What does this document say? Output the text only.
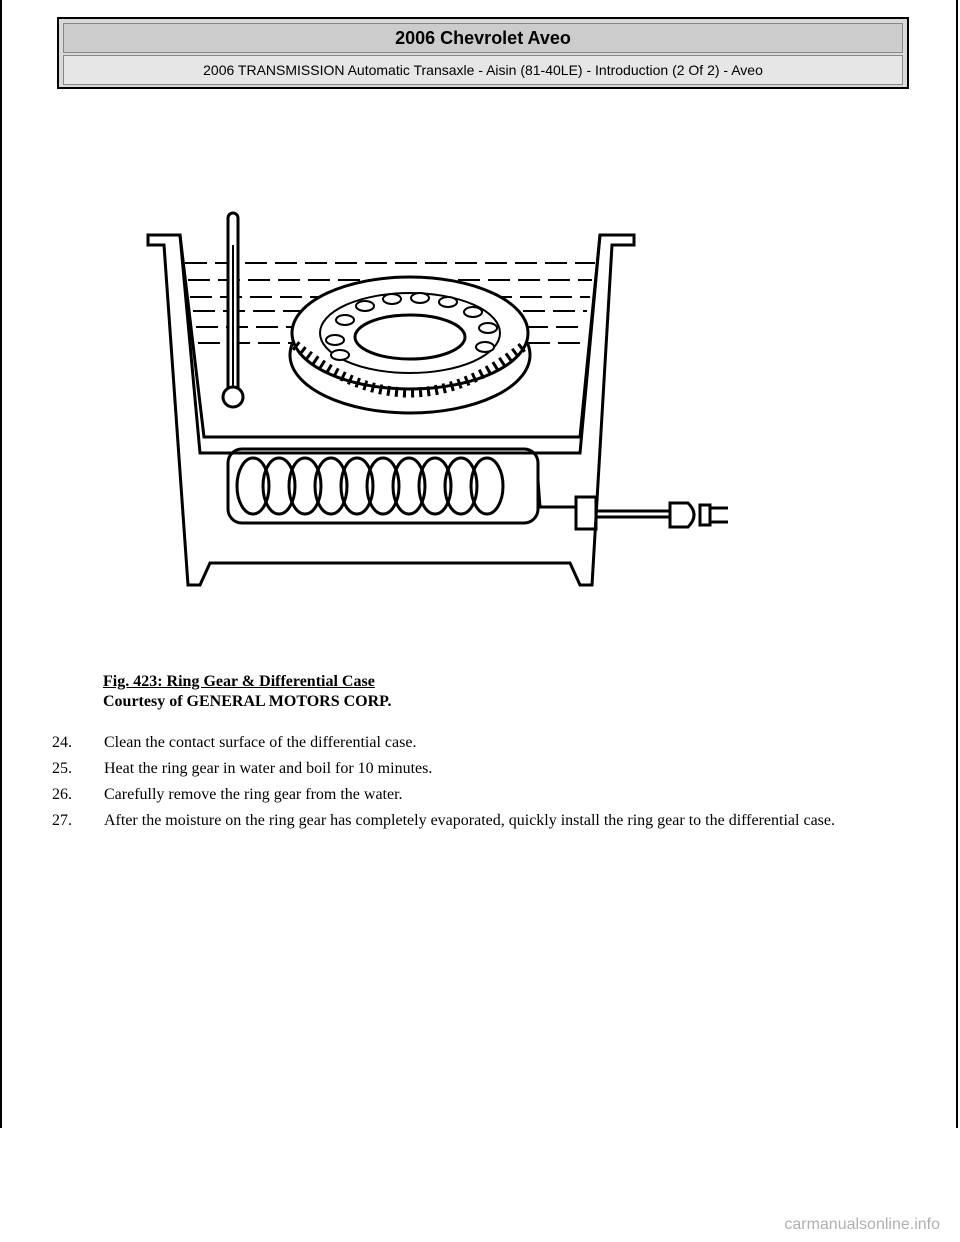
2006 Chevrolet Aveo
2006 TRANSMISSION Automatic Transaxle - Aisin (81-40LE) - Introduction (2 Of 2) - Aveo
Fig. 423: Ring Gear & Differential Case
Courtesy of GENERAL MOTORS CORP.
24. Clean the contact surface of the differential case.
25. Heat the ring gear in water and boil for 10 minutes.
26. Carefully remove the ring gear from the water.
27. After the moisture on the ring gear has completely evaporated, quickly install the ring gear to the differential case.
carmanualsonline.info
